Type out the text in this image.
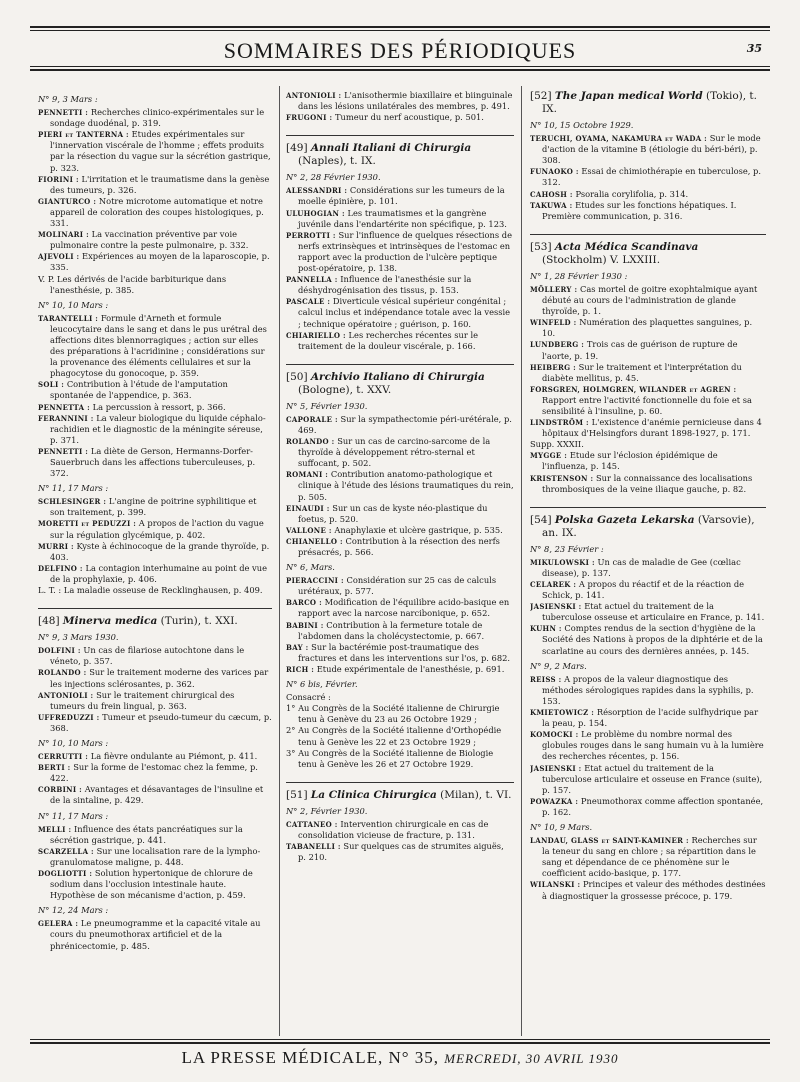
SOMMAIRES DES PÉRIODIQUES	35
N° 9, 3 Mars :
PENNETTI : Recherches clinico-expérimentales sur le sondage duodénal, p. 319.
PIERI et TANTERNA : Etudes expérimentales sur l'innervation viscérale de l'homme ; effets produits par la résection du vague sur la sécrétion gastrique, p. 323.
FIORINI : L'irritation et le traumatisme dans la genèse des tumeurs, p. 326.
GIANTURCO : Notre microtome automatique et notre appareil de coloration des coupes histologiques, p. 331.
MOLINARI : La vaccination préventive par voie pulmonaire contre la peste pulmonaire, p. 332.
AJEVOLI : Expériences au moyen de la laparoscopie, p. 335.
V. P. Les dérivés de l'acide barbiturique dans l'anesthésie, p. 385.
N° 10, 10 Mars :
TARANTELLI : Formule d'Arneth et formule leucocytaire dans le sang et dans le pus urétral des affections dites blennorragiques ; action sur elles des préparations à l'acridinine ; considérations sur la provenance des éléments cellulaires et sur la phagocytose du gonocoque, p. 359.
SOLI : Contribution à l'étude de l'amputation spontanée de l'appendice, p. 363.
PENNETTA : La percussion à ressort, p. 366.
FERANNINI : La valeur biologique du liquide céphalo-rachidien et le diagnostic de la méningite séreuse, p. 371.
PENNETTI : La diète de Gerson, Hermanns-Dorfer-Sauerbruch dans les affections tuberculeuses, p. 372.
N° 11, 17 Mars :
SCHLESINGER : L'angine de poitrine syphilitique et son traitement, p. 399.
MORETTI et PEDUZZI : A propos de l'action du vague sur la régulation glycémique, p. 402.
MURRI : Kyste à échinocoque de la grande thyroïde, p. 403.
DELFINO : La contagion interhumaine au point de vue de la prophylaxie, p. 406.
L. T. : La maladie osseuse de Recklinghausen, p. 409.
[48] Minerva medica (Turin), t. XXI.
N° 9, 3 Mars 1930.
DOLFINI : Un cas de filariose autochtone dans le véneto, p. 357.
ROLANDO : Sur le traitement moderne des varices par les injections sclérosantes, p. 362.
ANTONIOLI : Sur le traitement chirurgical des tumeurs du frein lingual, p. 363.
UFFREDUZZI : Tumeur et pseudo-tumeur du cæcum, p. 368.
N° 10, 10 Mars :
CERRUTTI : La fièvre ondulante au Piémont, p. 411.
BERTI : Sur la forme de l'estomac chez la femme, p. 422.
CORBINI : Avantages et désavantages de l'insuline et de la sintaline, p. 429.
N° 11, 17 Mars :
MELLI : Influence des états pancréatiques sur la sécrétion gastrique, p. 441.
SCARZELLA : Sur une localisation rare de la lympho-granulomatose maligne, p. 448.
DOGLIOTTI : Solution hypertonique de chlorure de sodium dans l'occlusion intestinale haute. Hypothèse de son mécanisme d'action, p. 459.
N° 12, 24 Mars :
GELERA : Le pneumogramme et la capacité vitale au cours du pneumothorax artificiel et de la phrénicectomie, p. 485.
ANTONIOLI : L'anisothermie biaxillaire et biinguinale dans les lésions unilatérales des membres, p. 491.
FRUGONI : Tumeur du nerf acoustique, p. 501.
[49] Annali Italiani di Chirurgia (Naples), t. IX.
N° 2, 28 Février 1930.
ALESSANDRI : Considérations sur les tumeurs de la moelle épinière, p. 101.
ULUHOGIAN : Les traumatismes et la gangrène juvénile dans l'endartérite non spécifique, p. 123.
PERROTTI : Sur l'influence de quelques résections de nerfs extrinsèques et intrinsèques de l'estomac en rapport avec la production de l'ulcère peptique post-opératoire, p. 138.
PANNELLA : Influence de l'anesthésie sur la déshydrogénisation des tissus, p. 153.
PASCALE : Diverticule vésical supérieur congénital ; calcul inclus et indépendance totale avec la vessie ; technique opératoire ; guérison, p. 160.
CHIARIELLO : Les recherches récentes sur le traitement de la douleur viscérale, p. 166.
[50] Archivio Italiano di Chirurgia (Bologne), t. XXV.
N° 5, Février 1930.
CAPORALE : Sur la sympathectomie péri-urétérale, p. 469.
ROLANDO : Sur un cas de carcino-sarcome de la thyroïde à développement rétro-sternal et suffocant, p. 502.
ROMANI : Contribution anatomo-pathologique et clinique à l'étude des lésions traumatiques du rein, p. 505.
EINAUDI : Sur un cas de kyste néo-plastique du foetus, p. 520.
VALLONE : Anaphylaxie et ulcère gastrique, p. 535.
CHIANELLO : Contribution à la résection des nerfs présacrés, p. 566.
N° 6, Mars.
PIERACCINI : Considération sur 25 cas de calculs urétéraux, p. 577.
BARCO : Modification de l'équilibre acido-basique en rapport avec la narcose narcibonique, p. 652.
BABINI : Contribution à la fermeture totale de l'abdomen dans la cholécystectomie, p. 667.
BAY : Sur la bactérémie post-traumatique des fractures et dans les interventions sur l'os, p. 682.
RICH : Etude expérimentale de l'anesthésie, p. 691.
N° 6 bis, Février.
Consacré :
1° Au Congrès de la Société italienne de Chirurgie tenu à Genève du 23 au 26 Octobre 1929 ;
2° Au Congrès de la Société italienne d'Orthopédie tenu à Genève les 22 et 23 Octobre 1929 ;
3° Au Congrès de la Société italienne de Biologie tenu à Genève les 26 et 27 Octobre 1929.
[51] La Clinica Chirurgica (Milan), t. VI.
N° 2, Février 1930.
CATTANEO : Intervention chirurgicale en cas de consolidation vicieuse de fracture, p. 131.
TABANELLI : Sur quelques cas de strumites aiguës, p. 210.
[52] The Japan medical World (Tokio), t. IX.
N° 10, 15 Octobre 1929.
TERUCHI, OYAMA, NAKAMURA et WADA : Sur le mode d'action de la vitamine B (étiologie du béri-béri), p. 308.
FUNAOKO : Essai de chimiothérapie en tuberculose, p. 312.
CAHOSH : Psoralia corylifolia, p. 314.
TAKUWA : Etudes sur les fonctions hépatiques. I. Première communication, p. 316.
[53] Acta Médica Scandinava (Stockholm) V. LXXIII.
N° 1, 28 Février 1930 :
MÖLLERY : Cas mortel de goitre exophtalmique ayant débuté au cours de l'administration de glande thyroïde, p. 1.
WINFELD : Numération des plaquettes sanguines, p. 10.
LUNDBERG : Trois cas de guérison de rupture de l'aorte, p. 19.
HEIBERG : Sur le traitement et l'interprétation du diabète mellitus, p. 45.
FORSGREN, HOLMGREN, WILANDER et AGREN : Rapport entre l'activité fonctionnelle du foie et sa sensibilité à l'insuline, p. 60.
LINDSTRÖM : L'existence d'anémie pernicieuse dans 4 hôpitaux d'Helsingfors durant 1898-1927, p. 171.
Supp. XXXII.
MYGGE : Etude sur l'éclosion épidémique de l'influenza, p. 145.
KRISTENSON : Sur la connaissance des localisations thrombosiques de la veine iliaque gauche, p. 82.
[54] Polska Gazeta Lekarska (Varsovie), an. IX.
N° 8, 23 Février :
MIKULOWSKI : Un cas de maladie de Gee (cœliac disease), p. 137.
CELAREK : A propos du réactif et de la réaction de Schick, p. 141.
JASIENSKI : Etat actuel du traitement de la tuberculose osseuse et articulaire en France, p. 141.
KUHN : Comptes rendus de la section d'hygiène de la Société des Nations à propos de la diphtérie et de la scarlatine au cours des dernières années, p. 145.
N° 9, 2 Mars.
REISS : A propos de la valeur diagnostique des méthodes sérologiques rapides dans la syphilis, p. 153.
KMIETOWICZ : Résorption de l'acide sulfhydrique par la peau, p. 154.
KOMOCKI : Le problème du nombre normal des globules rouges dans le sang humain vu à la lumière des recherches récentes, p. 156.
JASIENSKI : Etat actuel du traitement de la tuberculose articulaire et osseuse en France (suite), p. 157.
POWAZKA : Pneumothorax comme affection spontanée, p. 162.
N° 10, 9 Mars.
LANDAU, GLASS et SAINT-KAMINER : Recherches sur la teneur du sang en chlore ; sa répartition dans le sang et dépendance de ce phénomène sur le coefficient acido-basique, p. 177.
WILANSKI : Principes et valeur des méthodes destinées à diagnostiquer la grossesse précoce, p. 179.
LA PRESSE MÉDICALE, N° 35, MERCREDI, 30 AVRIL 1930
